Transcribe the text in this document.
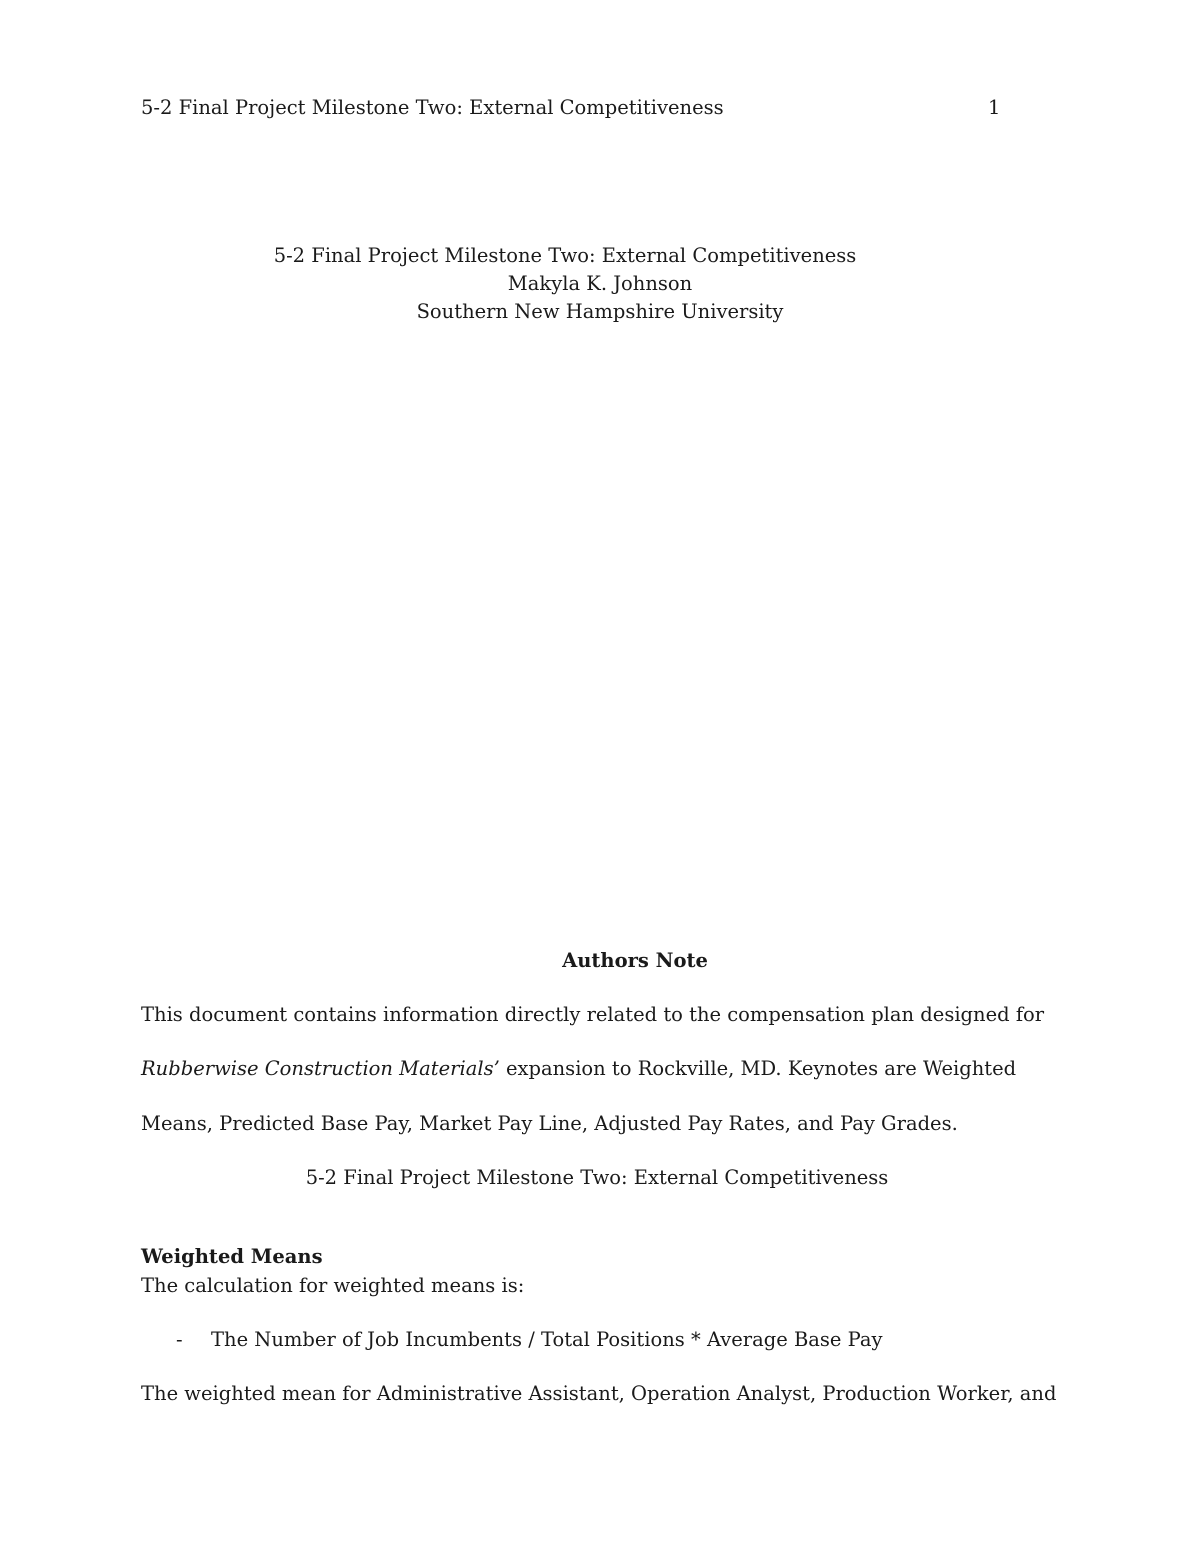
5-2 Final Project Milestone Two: External Competitiveness	1
5-2 Final Project Milestone Two: External Competitiveness
Makyla K. Johnson
Southern New Hampshire University
Authors Note
This document contains information directly related to the compensation plan designed for
Rubberwise Construction Materials’ expansion to Rockville, MD. Keynotes are Weighted
Means, Predicted Base Pay, Market Pay Line, Adjusted Pay Rates, and Pay Grades.
5-2 Final Project Milestone Two: External Competitiveness
Weighted Means
The calculation for weighted means is:
- The Number of Job Incumbents / Total Positions * Average Base Pay
The weighted mean for Administrative Assistant, Operation Analyst, Production Worker, and
